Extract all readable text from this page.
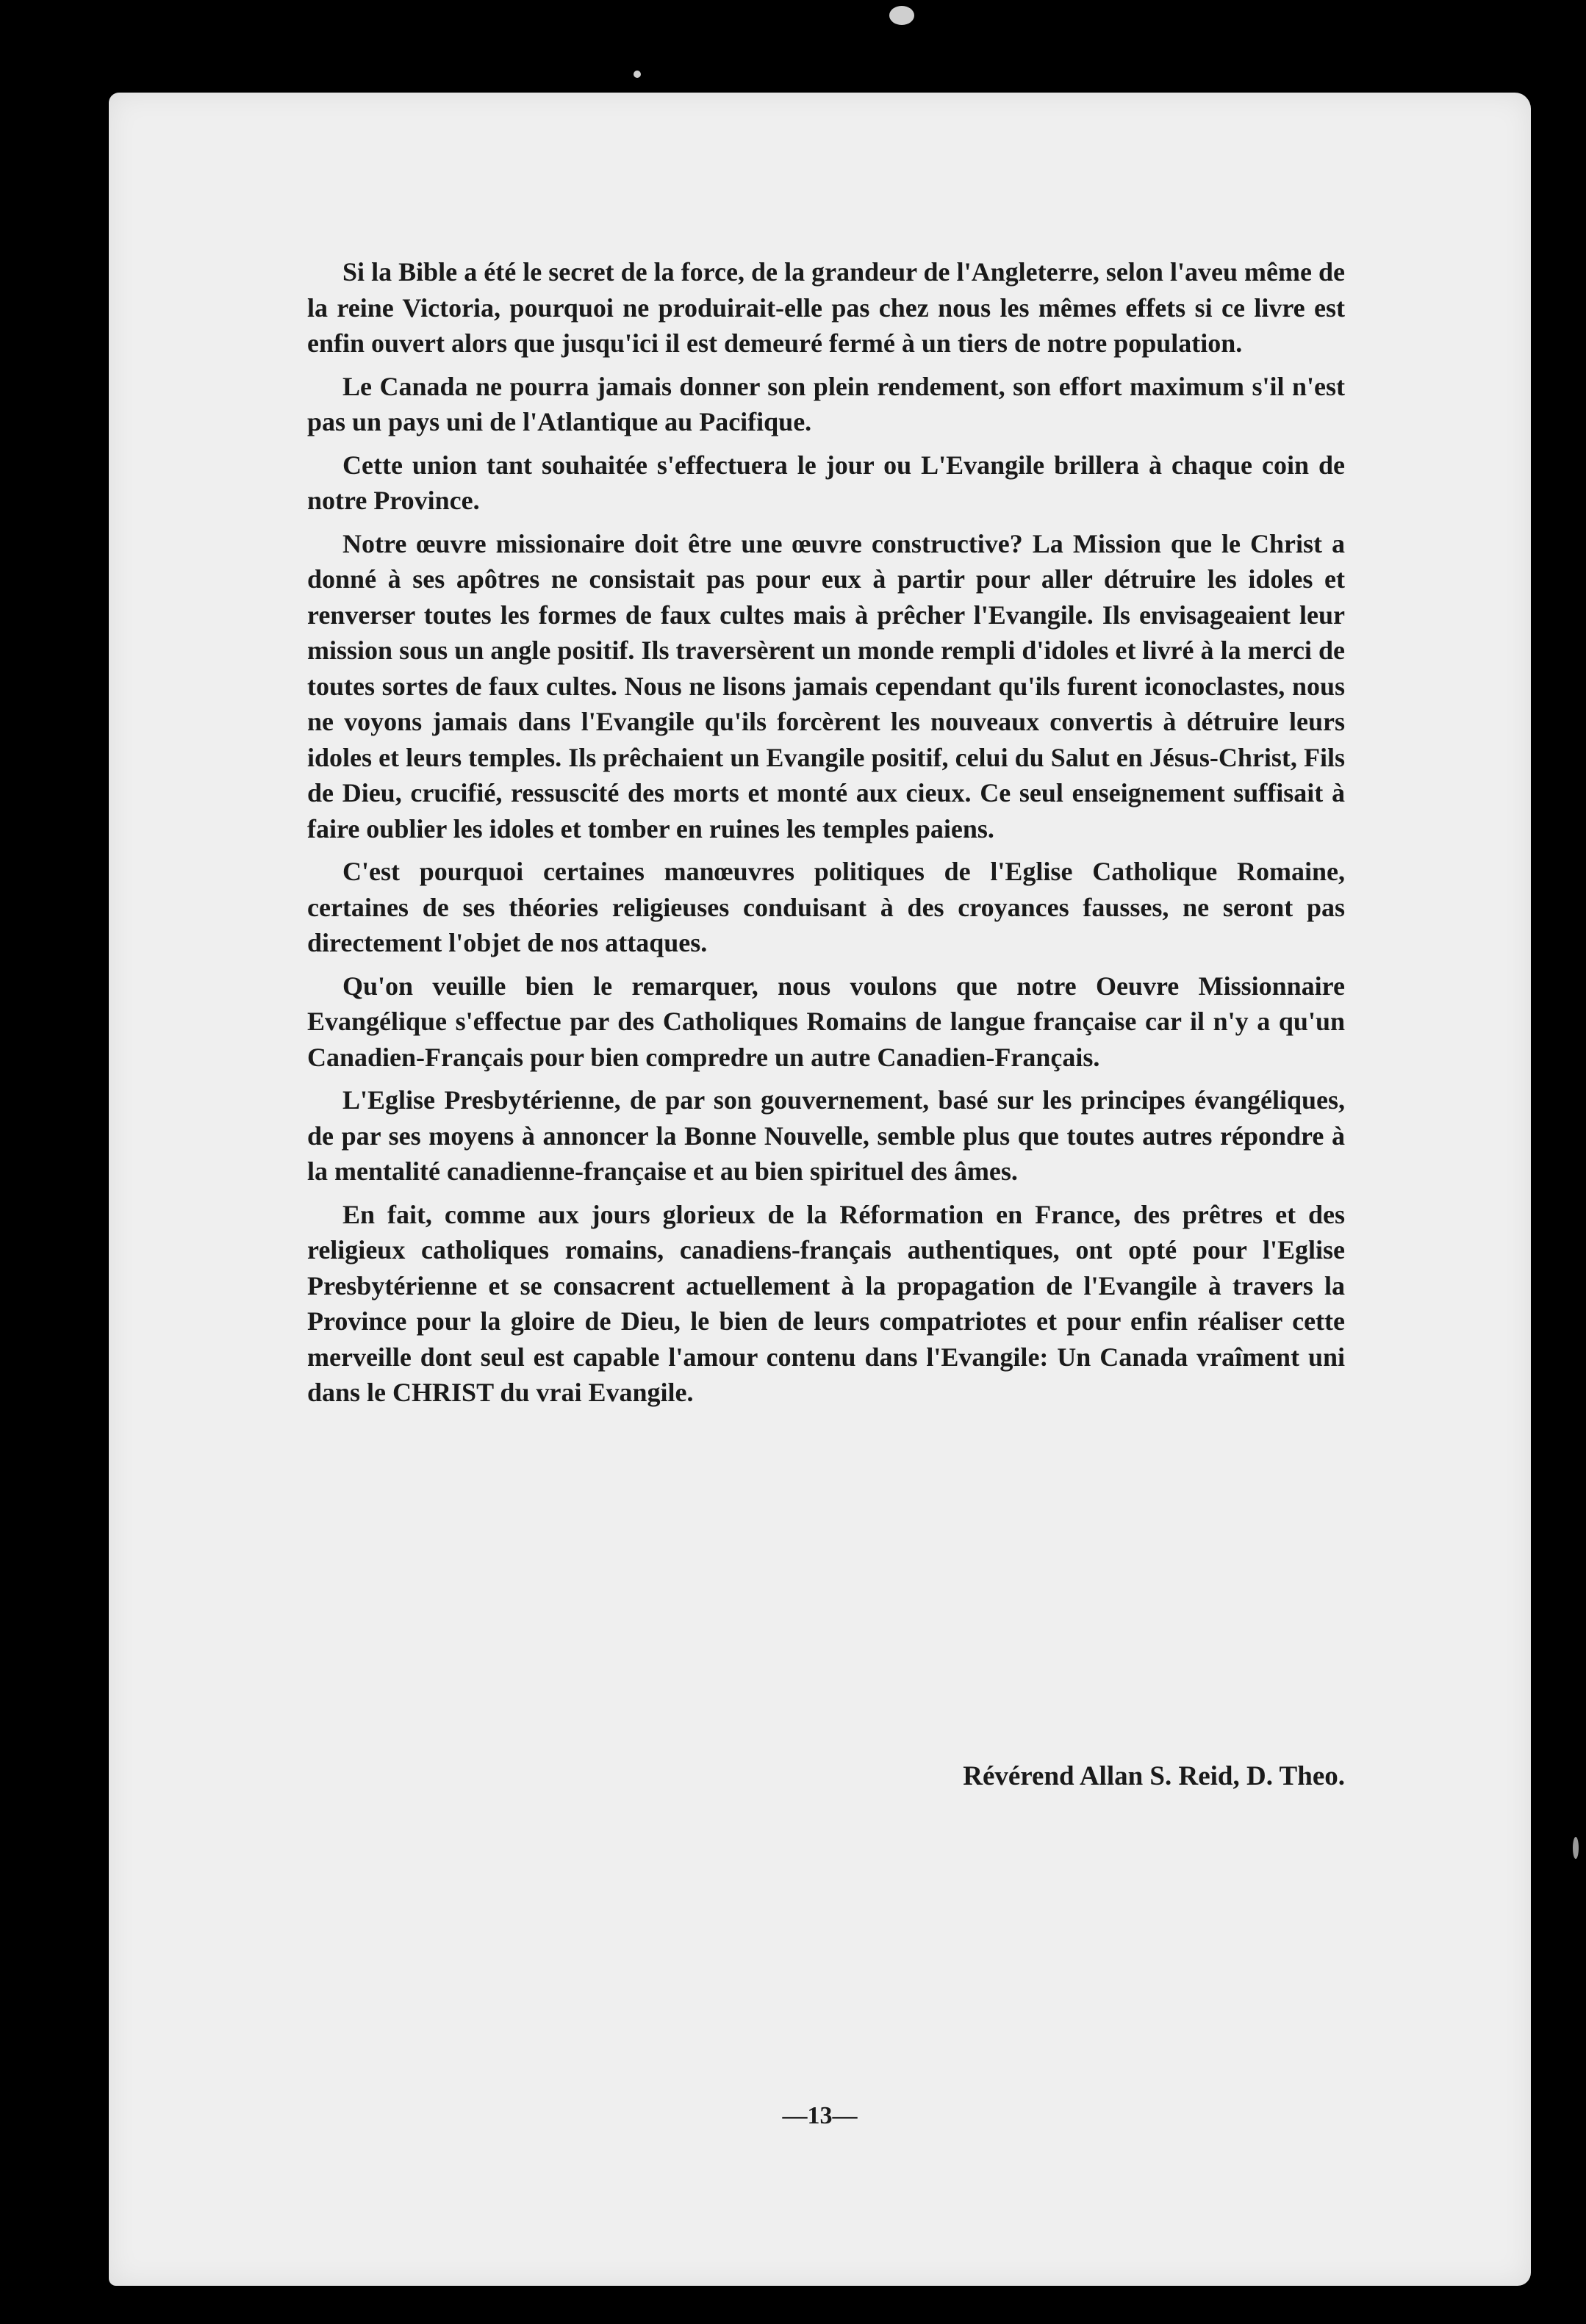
Si la Bible a été le secret de la force, de la grandeur de l'Angleterre, selon l'aveu même de la reine Victoria, pourquoi ne produirait-elle pas chez nous les mêmes effets si ce livre est enfin ouvert alors que jusqu'ici il est demeuré fermé à un tiers de notre population.

Le Canada ne pourra jamais donner son plein rendement, son effort maximum s'il n'est pas un pays uni de l'Atlantique au Pacifique.

Cette union tant souhaitée s'effectuera le jour ou L'Evangile brillera à chaque coin de notre Province.

Notre œuvre missionaire doit être une œuvre constructive? La Mission que le Christ a donné à ses apôtres ne consistait pas pour eux à partir pour aller détruire les idoles et renverser toutes les formes de faux cultes mais à prêcher l'Evangile. Ils envisageaient leur mission sous un angle positif. Ils traversèrent un monde rempli d'idoles et livré à la merci de toutes sortes de faux cultes. Nous ne lisons jamais cependant qu'ils furent iconoclastes, nous ne voyons jamais dans l'Evangile qu'ils forcèrent les nouveaux convertis à détruire leurs idoles et leurs temples. Ils prêchaient un Evangile positif, celui du Salut en Jésus-Christ, Fils de Dieu, crucifié, ressuscité des morts et monté aux cieux. Ce seul enseignement suffisait à faire oublier les idoles et tomber en ruines les temples paiens.

C'est pourquoi certaines manœuvres politiques de l'Eglise Catholique Romaine, certaines de ses théories religieuses conduisant à des croyances fausses, ne seront pas directement l'objet de nos attaques.

Qu'on veuille bien le remarquer, nous voulons que notre Oeuvre Missionnaire Evangélique s'effectue par des Catholiques Romains de langue française car il n'y a qu'un Canadien-Français pour bien compredre un autre Canadien-Français.

L'Eglise Presbytérienne, de par son gouvernement, basé sur les principes évangéliques, de par ses moyens à annoncer la Bonne Nouvelle, semble plus que toutes autres répondre à la mentalité canadienne-française et au bien spirituel des âmes.

En fait, comme aux jours glorieux de la Réformation en France, des prêtres et des religieux catholiques romains, canadiens-français authentiques, ont opté pour l'Eglise Presbytérienne et se consacrent actuellement à la propagation de l'Evangile à travers la Province pour la gloire de Dieu, le bien de leurs compatriotes et pour enfin réaliser cette merveille dont seul est capable l'amour contenu dans l'Evangile: Un Canada vraîment uni dans le CHRIST du vrai Evangile.

Révérend Allan S. Reid, D. Theo.
—13—
